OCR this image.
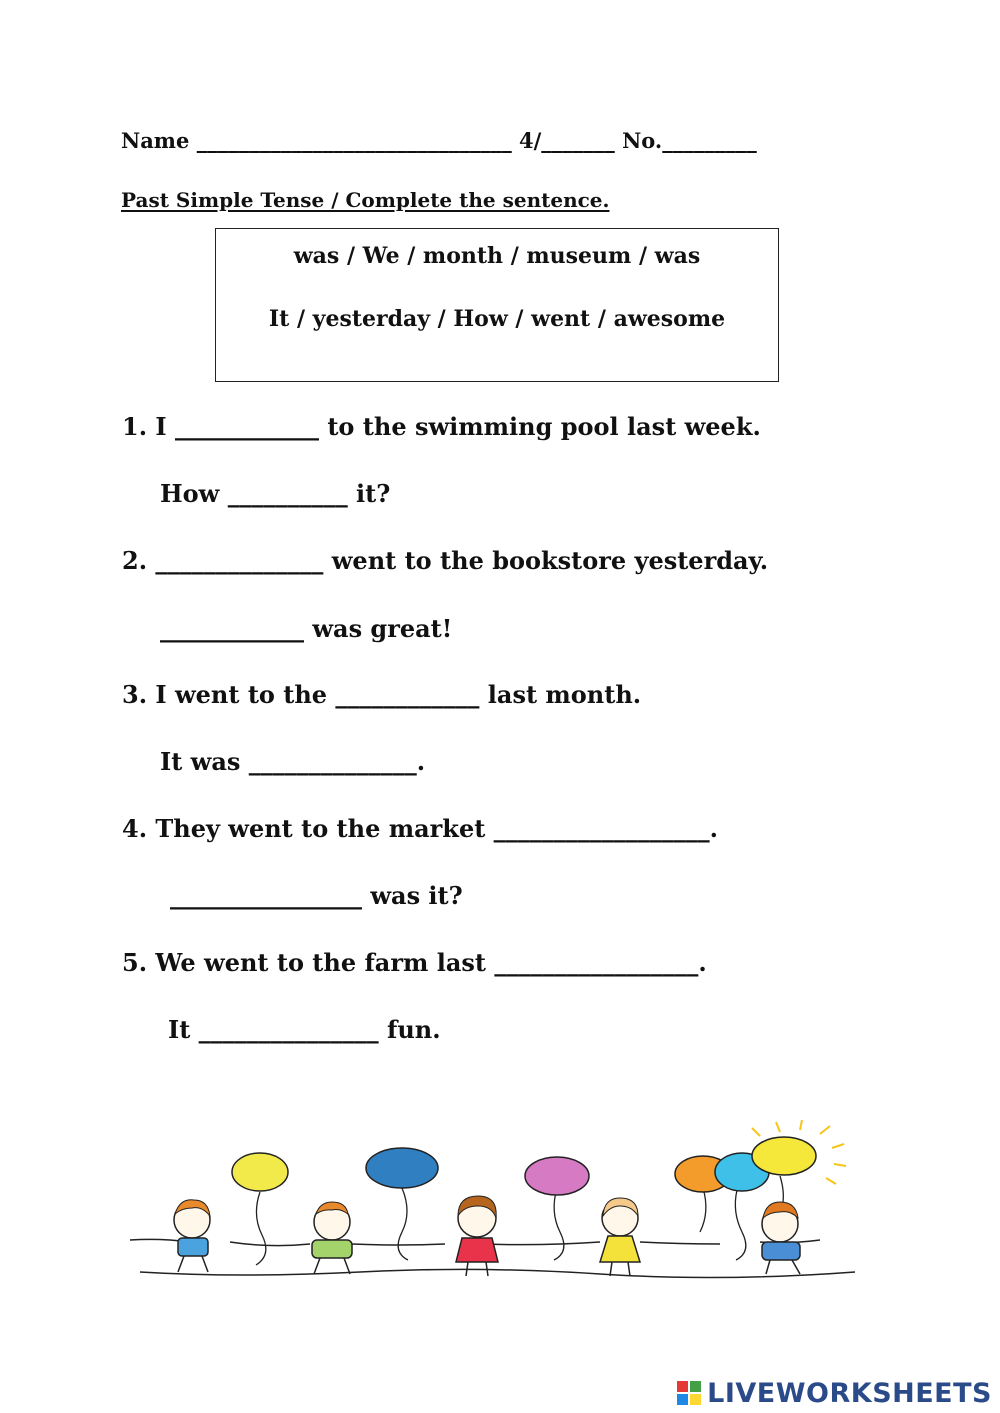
Name ______________________________ 4/_______ No._________
Past Simple Tense / Complete the sentence.
was / We / month / museum / was
It / yesterday / How / went / awesome
1. I ____________ to the swimming pool last week.
How __________ it?
2. ______________ went to the bookstore yesterday.
____________ was great!
3. I went to the ____________ last month.
It was ______________.
4. They went to the market __________________.
________________ was it?
5. We went to the farm last _________________.
It _______________ fun.
LIVEWORKSHEETS
